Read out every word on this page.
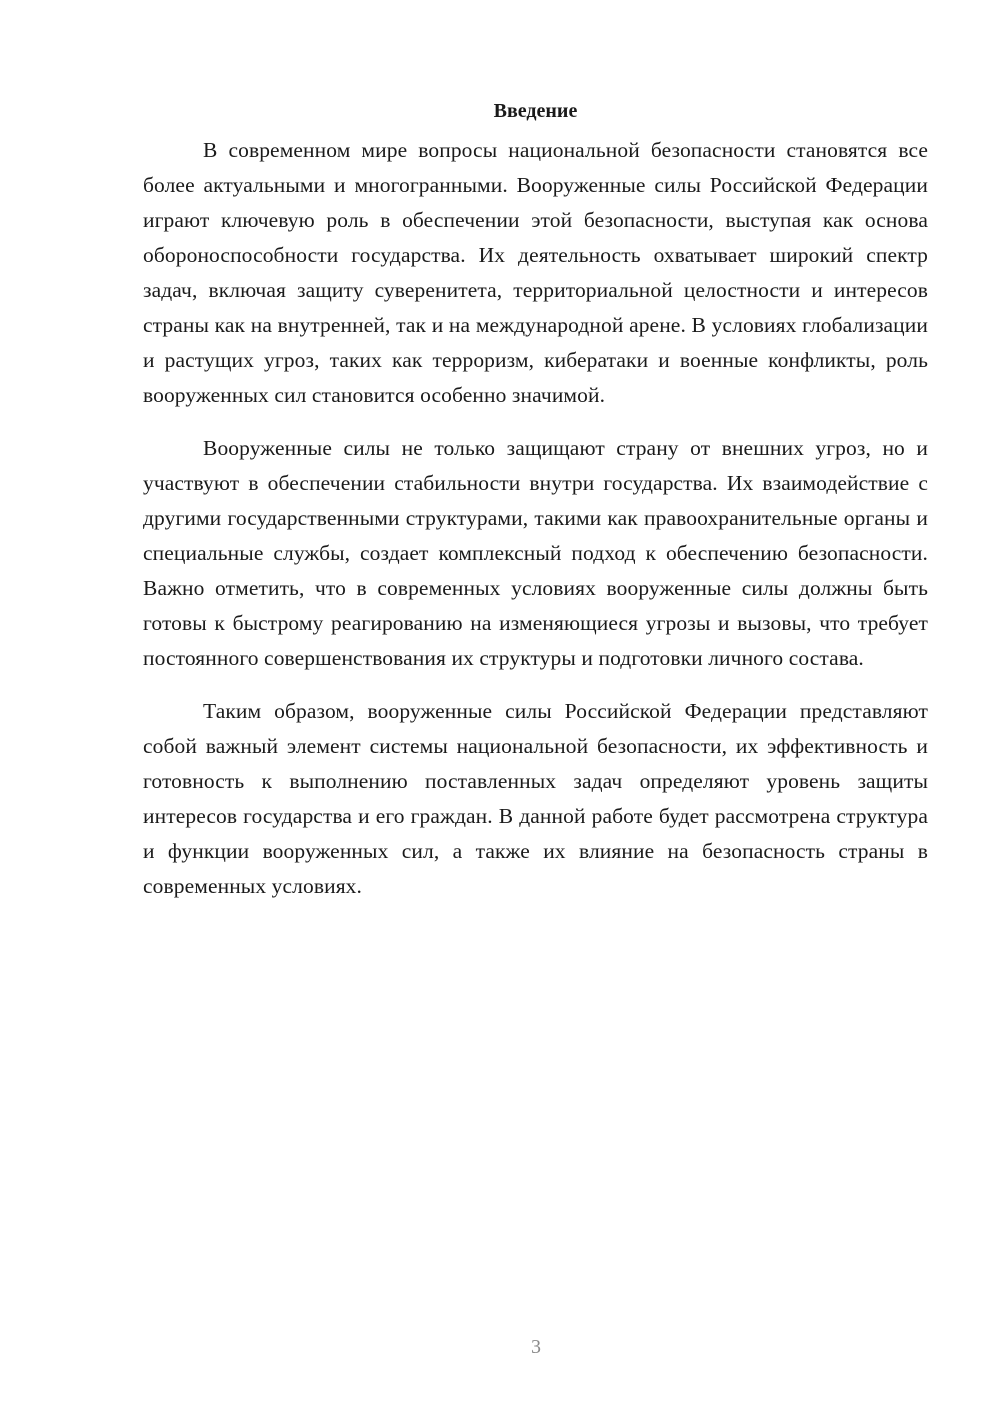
Введение

В современном мире вопросы национальной безопасности становятся все более актуальными и многогранными. Вооруженные силы Российской Федерации играют ключевую роль в обеспечении этой безопасности, выступая как основа обороноспособности государства. Их деятельность охватывает широкий спектр задач, включая защиту суверенитета, территориальной целостности и интересов страны как на внутренней, так и на международной арене. В условиях глобализации и растущих угроз, таких как терроризм, кибератаки и военные конфликты, роль вооруженных сил становится особенно значимой.

Вооруженные силы не только защищают страну от внешних угроз, но и участвуют в обеспечении стабильности внутри государства. Их взаимодействие с другими государственными структурами, такими как правоохранительные органы и специальные службы, создает комплексный подход к обеспечению безопасности. Важно отметить, что в современных условиях вооруженные силы должны быть готовы к быстрому реагированию на изменяющиеся угрозы и вызовы, что требует постоянного совершенствования их структуры и подготовки личного состава.

Таким образом, вооруженные силы Российской Федерации представляют собой важный элемент системы национальной безопасности, их эффективность и готовность к выполнению поставленных задач определяют уровень защиты интересов государства и его граждан. В данной работе будет рассмотрена структура и функции вооруженных сил, а также их влияние на безопасность страны в современных условиях.

3
